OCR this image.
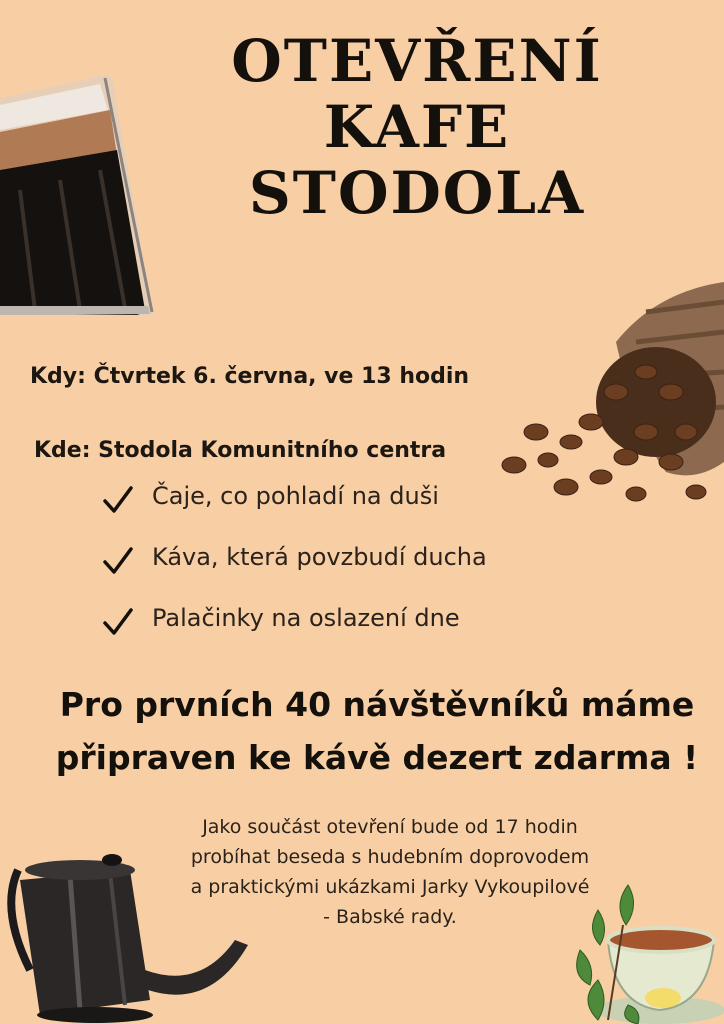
OTEVŘENÍ
KAFE
STODOLA
Kdy: Čtvrtek 6. června, ve 13 hodin
Kde: Stodola Komunitního centra
Čaje, co pohladí na duši
Káva, která povzbudí ducha
Palačinky na oslazení dne
Pro prvních 40 návštěvníků máme
připraven ke kávě dezert zdarma !
Jako součást otevření bude od 17 hodin
probíhat beseda s hudebním doprovodem
a praktickými ukázkami Jarky Vykoupilové
- Babské rady.
